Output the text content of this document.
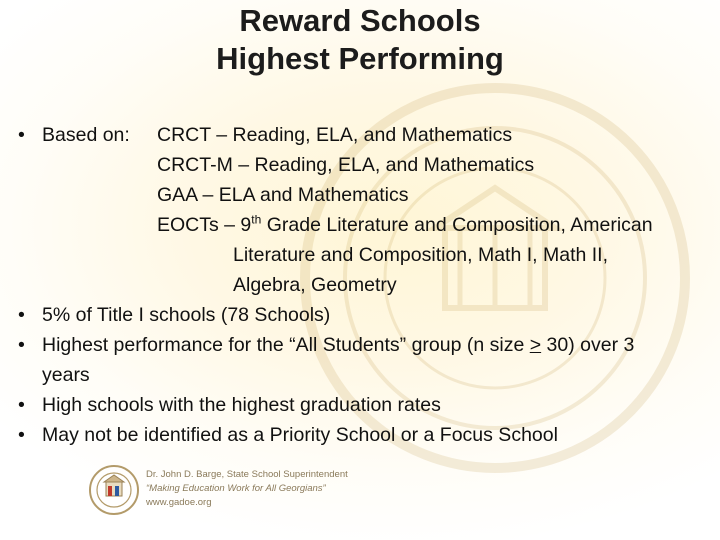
Reward Schools
Highest Performing
• Based on: CRCT – Reading, ELA, and Mathematics
CRCT-M – Reading, ELA, and Mathematics
GAA – ELA and Mathematics
EOCTs – 9th Grade Literature and Composition, American
Literature and Composition, Math I, Math II,
Algebra, Geometry
• 5% of Title I schools (78 Schools)
• Highest performance for the “All Students” group (n size > 30) over 3
years
• High schools with the highest graduation rates
• May not be identified as a Priority School or a Focus School
Dr. John D. Barge, State School Superintendent
“Making Education Work for All Georgians”
www.gadoe.org
